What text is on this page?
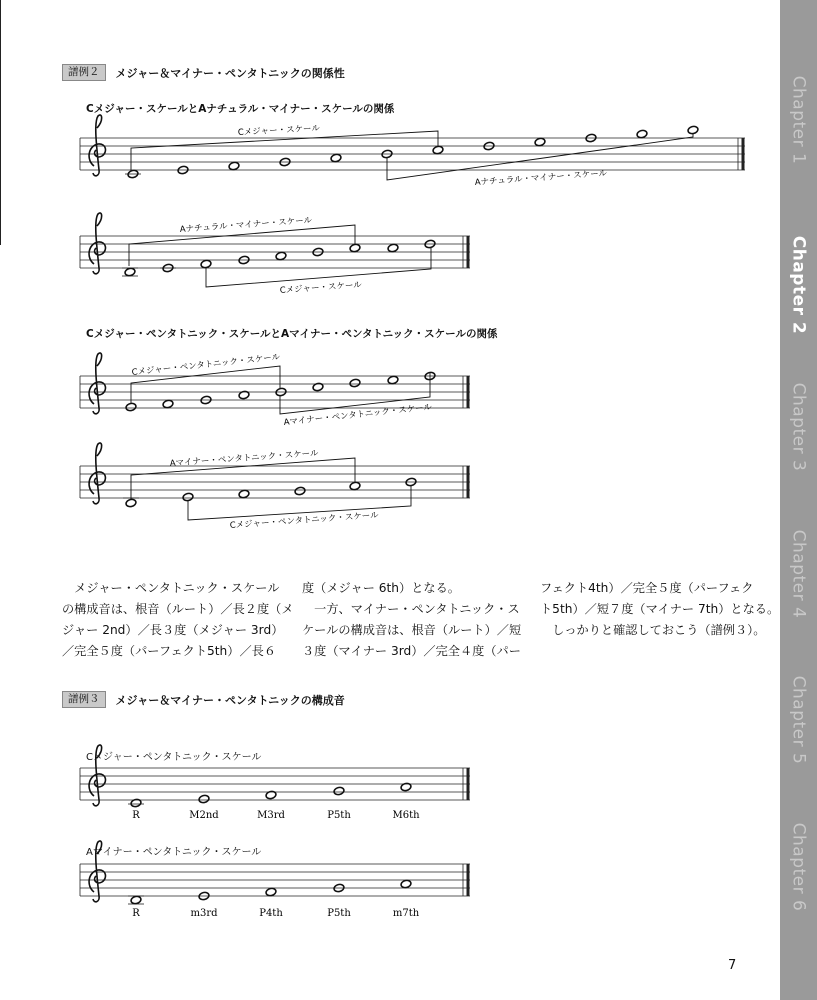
Chapter 1
Chapter 2
Chapter 3
Chapter 4
Chapter 5
Chapter 6
譜例２	メジャー＆マイナー・ペンタトニックの関係性
Cメジャー・スケールとAナチュラル・マイナー・スケールの関係
Cメジャー・ペンタトニック・スケールとAマイナー・ペンタトニック・スケールの関係
Cメジャー・スケール
Aナチュラル・マイナー・スケール
Aナチュラル・マイナー・スケール
Cメジャー・スケール
Cメジャー・ペンタトニック・スケール
Aマイナー・ペンタトニック・スケール
Aマイナー・ペンタトニック・スケール
Cメジャー・ペンタトニック・スケール
R	M2nd	M3rd	P5th	M6th
R	m3rd	P4th	P5th	m7th

　メジャー・ペンタトニック・スケール

の構成音は、根音（ルート）／長２度（メ

ジャー 2nd）／長３度（メジャー 3rd）

／完全５度（パーフェクト5th）／長６

度（メジャー 6th）となる。

　一方、マイナー・ペンタトニック・ス

ケールの構成音は、根音（ルート）／短

３度（マイナー 3rd）／完全４度（パー

フェクト4th）／完全５度（パーフェク

ト5th）／短７度（マイナー 7th）となる。

　しっかりと確認しておこう（譜例３）。

譜例３	メジャー＆マイナー・ペンタトニックの構成音
Cメジャー・ペンタトニック・スケール
Aマイナー・ペンタトニック・スケール
7
